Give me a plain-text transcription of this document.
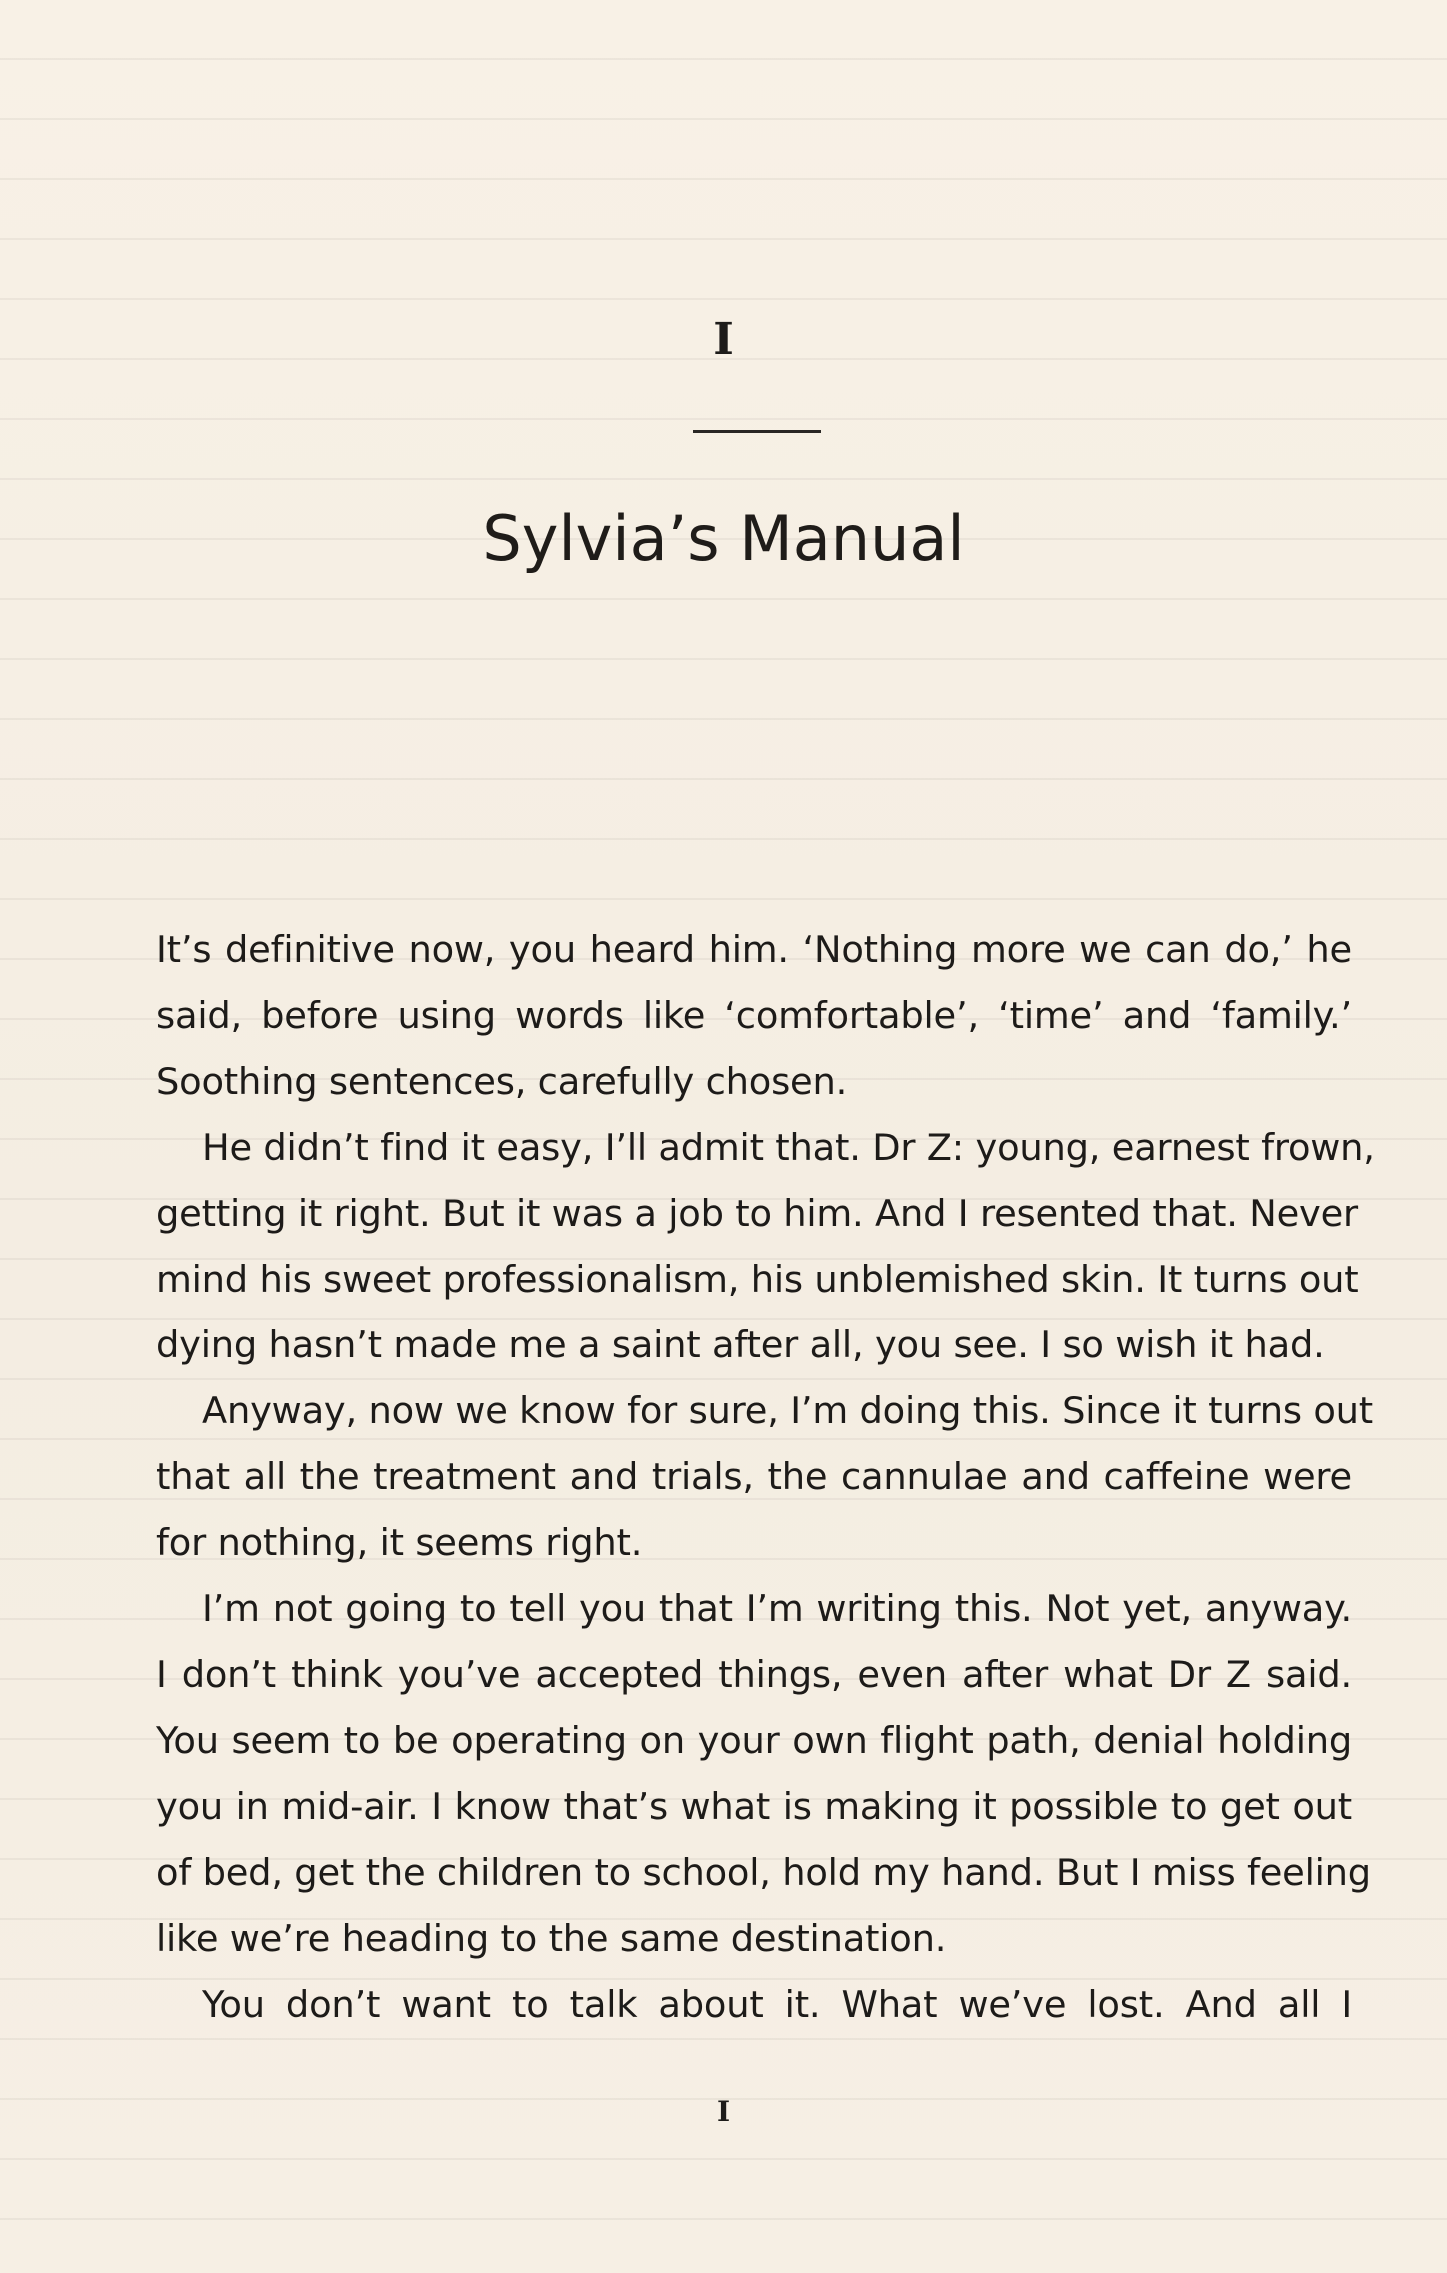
I
Sylvia’s Manual
It’s definitive now, you heard him. ‘Nothing more we can do,’ he
said, before using words like ‘comfortable’, ‘time’ and ‘family.’
Soothing sentences, carefully chosen.
He didn’t find it easy, I’ll admit that. Dr Z: young, earnest frown,
getting it right. But it was a job to him. And I resented that. Never
mind his sweet professionalism, his unblemished skin. It turns out
dying hasn’t made me a saint after all, you see. I so wish it had.
Anyway, now we know for sure, I’m doing this. Since it turns out
that all the treatment and trials, the cannulae and caffeine were
for nothing, it seems right.
I’m not going to tell you that I’m writing this. Not yet, anyway.
I don’t think you’ve accepted things, even after what Dr Z said.
You seem to be operating on your own flight path, denial holding
you in mid-air. I know that’s what is making it possible to get out
of bed, get the children to school, hold my hand. But I miss feeling
like we’re heading to the same destination.
You don’t want to talk about it. What we’ve lost. And all I
I
